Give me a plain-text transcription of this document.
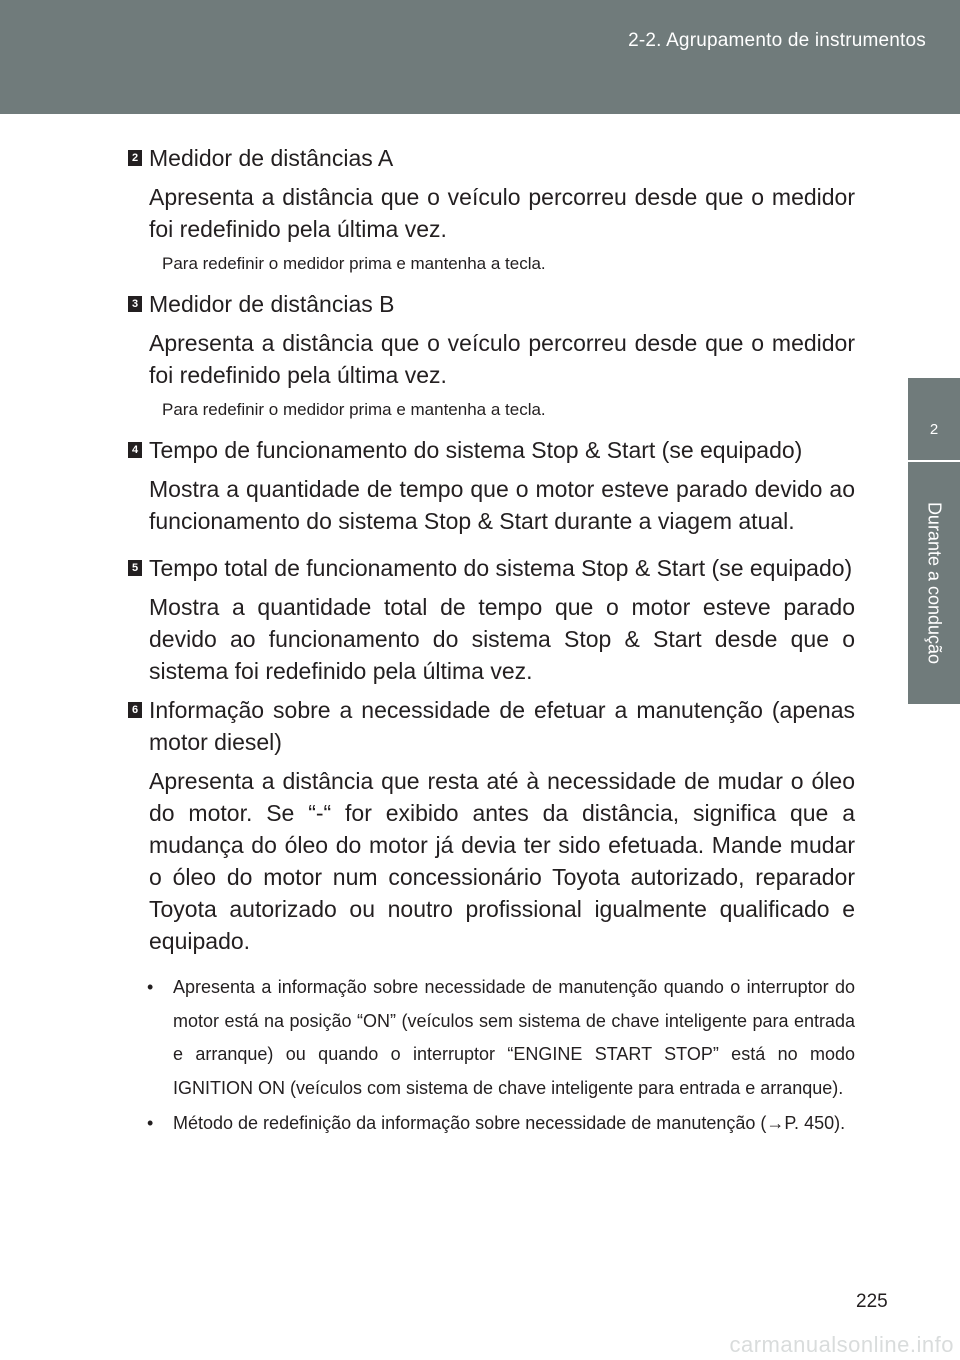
2-2. Agrupamento de instrumentos
2
Durante a condução
2 Medidor de distâncias A

Apresenta a distância que o veículo percorreu desde que o medidor foi redefinido pela última vez.

Para redefinir o medidor prima e mantenha a tecla.

3 Medidor de distâncias B

Apresenta a distância que o veículo percorreu desde que o medidor foi redefinido pela última vez.

Para redefinir o medidor prima e mantenha a tecla.

4 Tempo de funcionamento do sistema Stop & Start (se equipado)

Mostra a quantidade de tempo que o motor esteve parado devido ao funcionamento do sistema Stop & Start durante a viagem atual.

5 Tempo total de funcionamento do sistema Stop & Start (se equipado)

Mostra a quantidade total de tempo que o motor esteve parado devido ao funcionamento do sistema Stop & Start desde que o sistema foi redefinido pela última vez.

6 Informação sobre a necessidade de efetuar a manutenção (apenas motor diesel)

Apresenta a distância que resta até à necessidade de mudar o óleo do motor. Se “-“ for exibido antes da distância, significa que a mudança do óleo do motor já devia ter sido efetuada. Mande mudar o óleo do motor num concessionário Toyota autorizado, reparador Toyota autorizado ou noutro profissional igualmente qualificado e equipado.

• Apresenta a informação sobre necessidade de manutenção quando o interruptor do motor está na posição “ON” (veículos sem sistema de chave inteligente para entrada e arranque) ou quando o interruptor “ENGINE START STOP” está no modo IGNITION ON (veículos com sistema de chave inteligente para entrada e arranque).
• Método de redefinição da informação sobre necessidade de manutenção (→P. 450).
225
carmanualsonline.info
